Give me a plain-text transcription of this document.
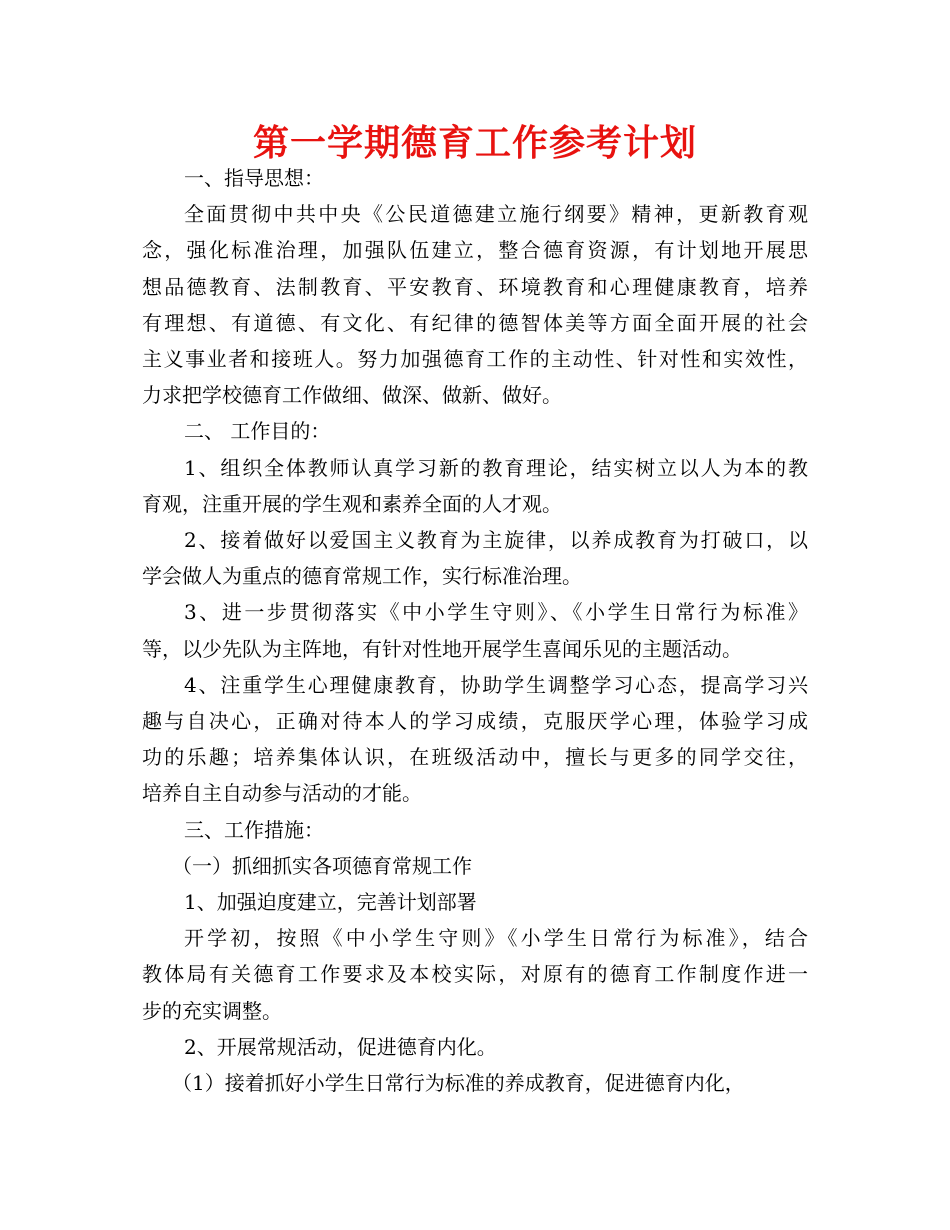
第一学期德育工作参考计划

一、指导思想：

全面贯彻中共中央《公民道德建立施行纲要》精神，更新教育观
念，强化标准治理，加强队伍建立，整合德育资源，有计划地开展思
想品德教育、法制教育、平安教育、环境教育和心理健康教育，培养
有理想、有道德、有文化、有纪律的德智体美等方面全面开展的社会
主义事业者和接班人。努力加强德育工作的主动性、针对性和实效性，
力求把学校德育工作做细、做深、做新、做好。

二、 工作目的：

1、组织全体教师认真学习新的教育理论，结实树立以人为本的教
育观，注重开展的学生观和素养全面的人才观。

2、接着做好以爱国主义教育为主旋律，以养成教育为打破口，以
学会做人为重点的德育常规工作，实行标准治理。

3、进一步贯彻落实《中小学生守则》、《小学生日常行为标准》
等，以少先队为主阵地，有针对性地开展学生喜闻乐见的主题活动。

4、注重学生心理健康教育，协助学生调整学习心态，提高学习兴
趣与自决心，正确对待本人的学习成绩，克服厌学心理，体验学习成
功的乐趣；培养集体认识，在班级活动中，擅长与更多的同学交往，
培养自主自动参与活动的才能。

三、工作措施：

（一）抓细抓实各项德育常规工作

1、加强迫度建立，完善计划部署

开学初，按照《中小学生守则》《小学生日常行为标准》，结合
教体局有关德育工作要求及本校实际，对原有的德育工作制度作进一
步的充实调整。

2、开展常规活动，促进德育内化。

（1）接着抓好小学生日常行为标准的养成教育，促进德育内化，
